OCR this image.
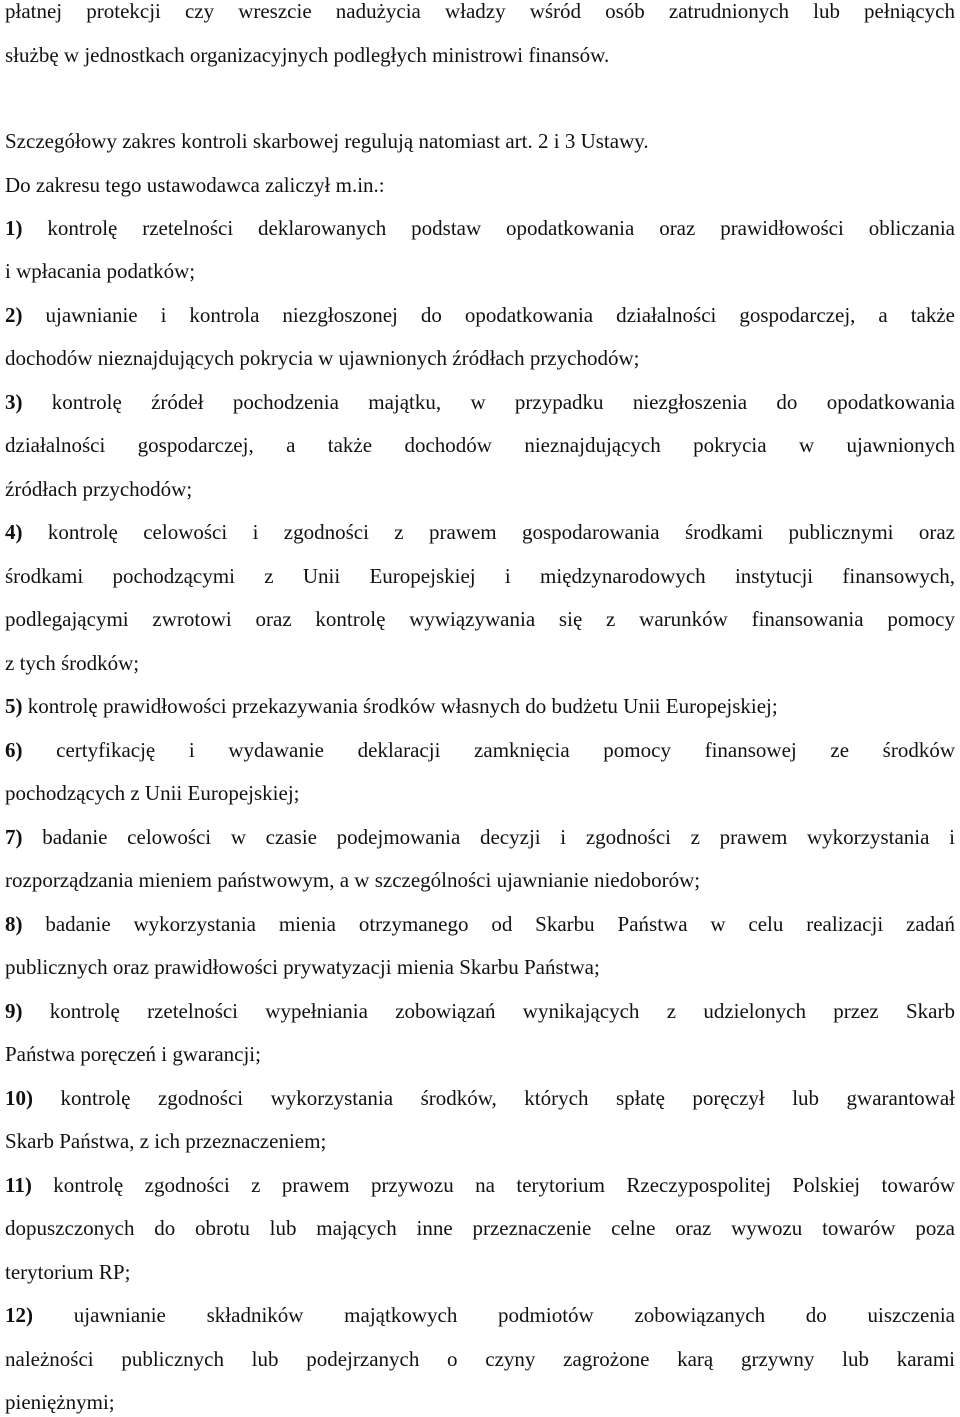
płatnej protekcji czy wreszcie nadużycia władzy wśród osób zatrudnionych lub pełniących
służbę w jednostkach organizacyjnych podległych ministrowi finansów.
Szczegółowy zakres kontroli skarbowej regulują natomiast art. 2 i 3 Ustawy.
Do zakresu tego ustawodawca zaliczył m.in.:
1) kontrolę rzetelności deklarowanych podstaw opodatkowania oraz prawidłowości obliczania
i wpłacania podatków;
2) ujawnianie i kontrola niezgłoszonej do opodatkowania działalności gospodarczej, a także
dochodów nieznajdujących pokrycia w ujawnionych źródłach przychodów;
3) kontrolę źródeł pochodzenia majątku, w przypadku niezgłoszenia do opodatkowania
działalności gospodarczej, a także dochodów nieznajdujących pokrycia w ujawnionych
źródłach przychodów;
4) kontrolę celowości i zgodności z prawem gospodarowania środkami publicznymi oraz
środkami pochodzącymi z Unii Europejskiej i międzynarodowych instytucji finansowych,
podlegającymi zwrotowi oraz kontrolę wywiązywania się z warunków finansowania pomocy
z tych środków;
5) kontrolę prawidłowości przekazywania środków własnych do budżetu Unii Europejskiej;
6) certyfikację i wydawanie deklaracji zamknięcia pomocy finansowej ze środków
pochodzących z Unii Europejskiej;
7) badanie celowości w czasie podejmowania decyzji i zgodności z prawem wykorzystania i
rozporządzania mieniem państwowym, a w szczególności ujawnianie niedoborów;
8) badanie wykorzystania mienia otrzymanego od Skarbu Państwa w celu realizacji zadań
publicznych oraz prawidłowości prywatyzacji mienia Skarbu Państwa;
9) kontrolę rzetelności wypełniania zobowiązań wynikających z udzielonych przez Skarb
Państwa poręczeń i gwarancji;
10) kontrolę zgodności wykorzystania środków, których spłatę poręczył lub gwarantował
Skarb Państwa, z ich przeznaczeniem;
11) kontrolę zgodności z prawem przywozu na terytorium Rzeczypospolitej Polskiej towarów
dopuszczonych do obrotu lub mających inne przeznaczenie celne oraz wywozu towarów poza
terytorium RP;
12) ujawnianie składników majątkowych podmiotów zobowiązanych do uiszczenia
należności publicznych lub podejrzanych o czyny zagrożone karą grzywny lub karami
pieniężnymi;
